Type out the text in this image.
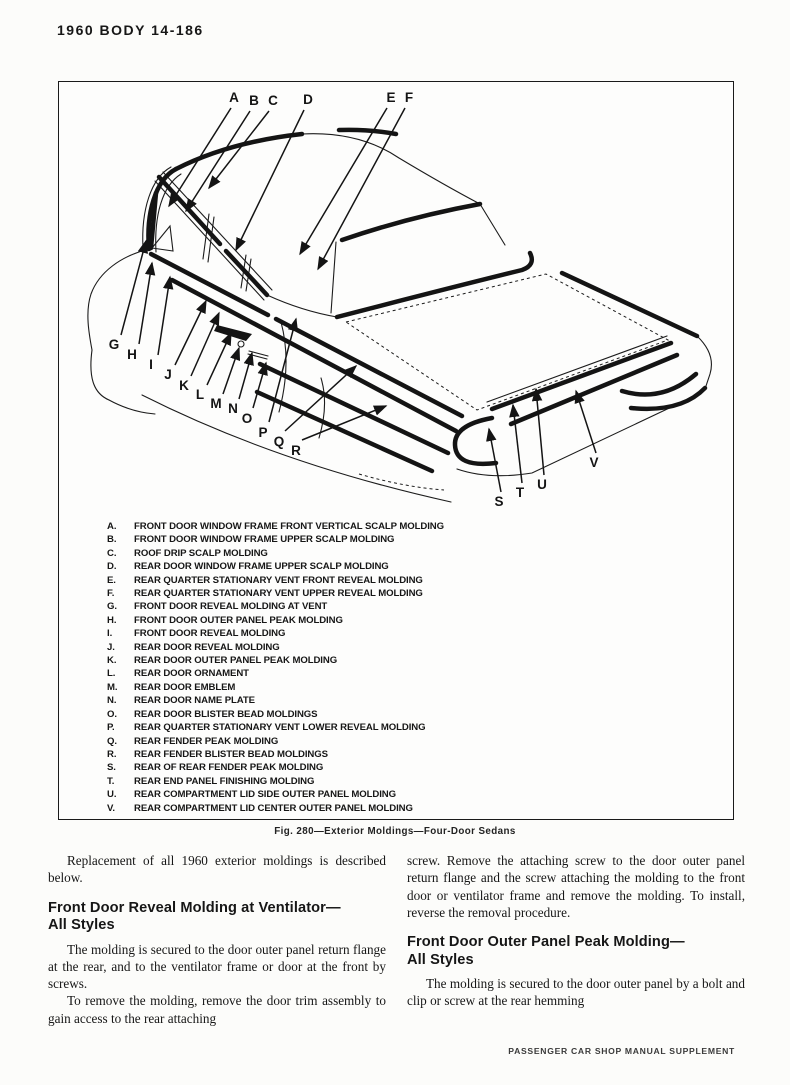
1960 BODY 14-186
A B C D	E F
G
H
I
J
K
L
M N
O
P
Q
R
S
T
U
V
A. FRONT DOOR WINDOW FRAME FRONT VERTICAL SCALP MOLDING
B. FRONT DOOR WINDOW FRAME UPPER SCALP MOLDING
C. ROOF DRIP SCALP MOLDING
D. REAR DOOR WINDOW FRAME UPPER SCALP MOLDING
E. REAR QUARTER STATIONARY VENT FRONT REVEAL MOLDING
F. REAR QUARTER STATIONARY VENT UPPER REVEAL MOLDING
G. FRONT DOOR REVEAL MOLDING AT VENT
H. FRONT DOOR OUTER PANEL PEAK MOLDING
I. FRONT DOOR REVEAL MOLDING
J. REAR DOOR REVEAL MOLDING
K. REAR DOOR OUTER PANEL PEAK MOLDING
L. REAR DOOR ORNAMENT
M. REAR DOOR EMBLEM
N. REAR DOOR NAME PLATE
O. REAR DOOR BLISTER BEAD MOLDINGS
P. REAR QUARTER STATIONARY VENT LOWER REVEAL MOLDING
Q. REAR FENDER PEAK MOLDING
R. REAR FENDER BLISTER BEAD MOLDINGS
S. REAR OF REAR FENDER PEAK MOLDING
T. REAR END PANEL FINISHING MOLDING
U. REAR COMPARTMENT LID SIDE OUTER PANEL MOLDING
V. REAR COMPARTMENT LID CENTER OUTER PANEL MOLDING
Fig. 280—Exterior Moldings—Four-Door Sedans

Replacement of all 1960 exterior moldings is described below.

Front Door Reveal Molding at Ventilator—
All Styles

The molding is secured to the door outer panel return flange at the rear, and to the ventilator frame or door at the front by screws.

To remove the molding, remove the door trim assembly to gain access to the rear attaching

screw. Remove the attaching screw to the door outer panel return flange and the screw attaching the molding to the front door or ventilator frame and remove the molding. To install, reverse the removal procedure.

Front Door Outer Panel Peak Molding—
All Styles

The molding is secured to the door outer panel by a bolt and clip or screw at the rear hemming

PASSENGER CAR SHOP MANUAL SUPPLEMENT
